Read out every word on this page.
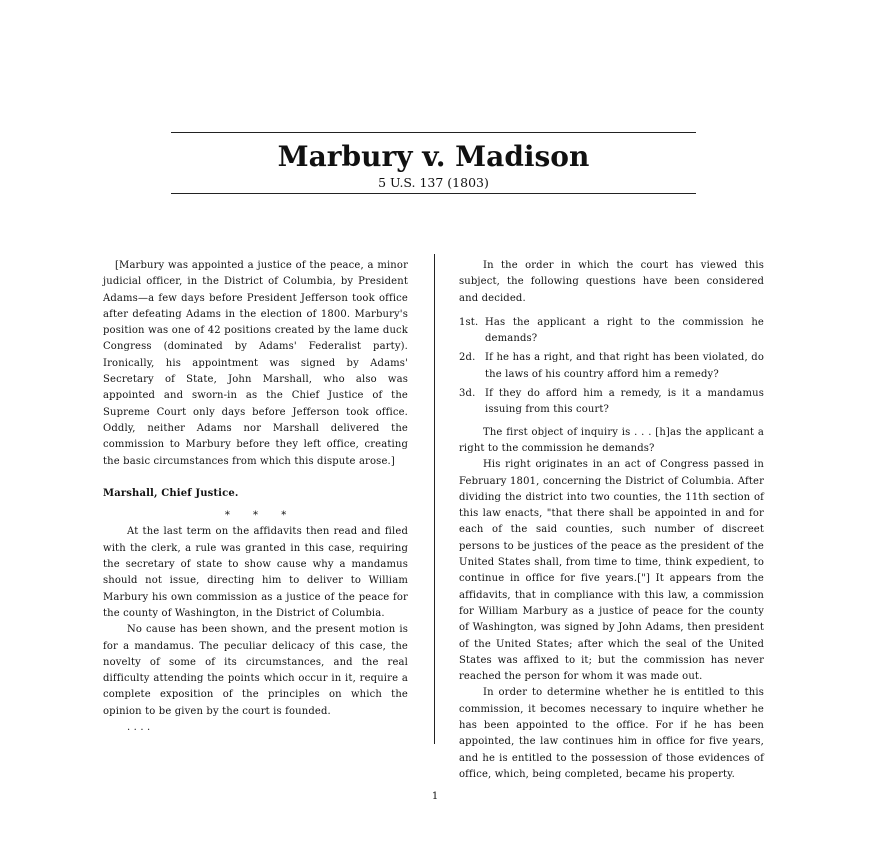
Marbury v. Madison

5 U.S. 137 (1803)

[Marbury was appointed a justice of the peace, a minor judicial officer, in the District of Columbia, by President Adams—a few days before President Jefferson took office after defeating Adams in the election of 1800. Marbury's position was one of 42 positions created by the lame duck Congress (dominated by Adams' Federalist party). Ironically, his appointment was signed by Adams' Secretary of State, John Marshall, who also was appointed and sworn-in as the Chief Justice of the Supreme Court only days before Jefferson took office. Oddly, neither Adams nor Marshall delivered the commission to Marbury before they left office, creating the basic circumstances from which this dispute arose.]

Marshall, Chief Justice.

* * *

At the last term on the affidavits then read and filed with the clerk, a rule was granted in this case, requiring the secretary of state to show cause why a mandamus should not issue, directing him to deliver to William Marbury his own commission as a justice of the peace for the county of Washington, in the District of Columbia.

No cause has been shown, and the present motion is for a mandamus. The peculiar delicacy of this case, the novelty of some of its circumstances, and the real difficulty attending the points which occur in it, require a complete exposition of the principles on which the opinion to be given by the court is founded.

. . . .

In the order in which the court has viewed this subject, the following questions have been considered and decided.

1st. Has the applicant a right to the commission he demands?
2d. If he has a right, and that right has been violated, do the laws of his country afford him a remedy?
3d. If they do afford him a remedy, is it a mandamus issuing from this court?

The first object of inquiry is . . . [h]as the applicant a right to the commission he demands?

His right originates in an act of Congress passed in February 1801, concerning the District of Columbia. After dividing the district into two counties, the 11th section of this law enacts, "that there shall be appointed in and for each of the said counties, such number of discreet persons to be justices of the peace as the president of the United States shall, from time to time, think expedient, to continue in office for five years.["] It appears from the affidavits, that in compliance with this law, a commission for William Marbury as a justice of peace for the county of Washington, was signed by John Adams, then president of the United States; after which the seal of the United States was affixed to it; but the commission has never reached the person for whom it was made out.

In order to determine whether he is entitled to this commission, it becomes necessary to inquire whether he has been appointed to the office. For if he has been appointed, the law continues him in office for five years, and he is entitled to the possession of those evidences of office, which, being completed, became his property.

1
